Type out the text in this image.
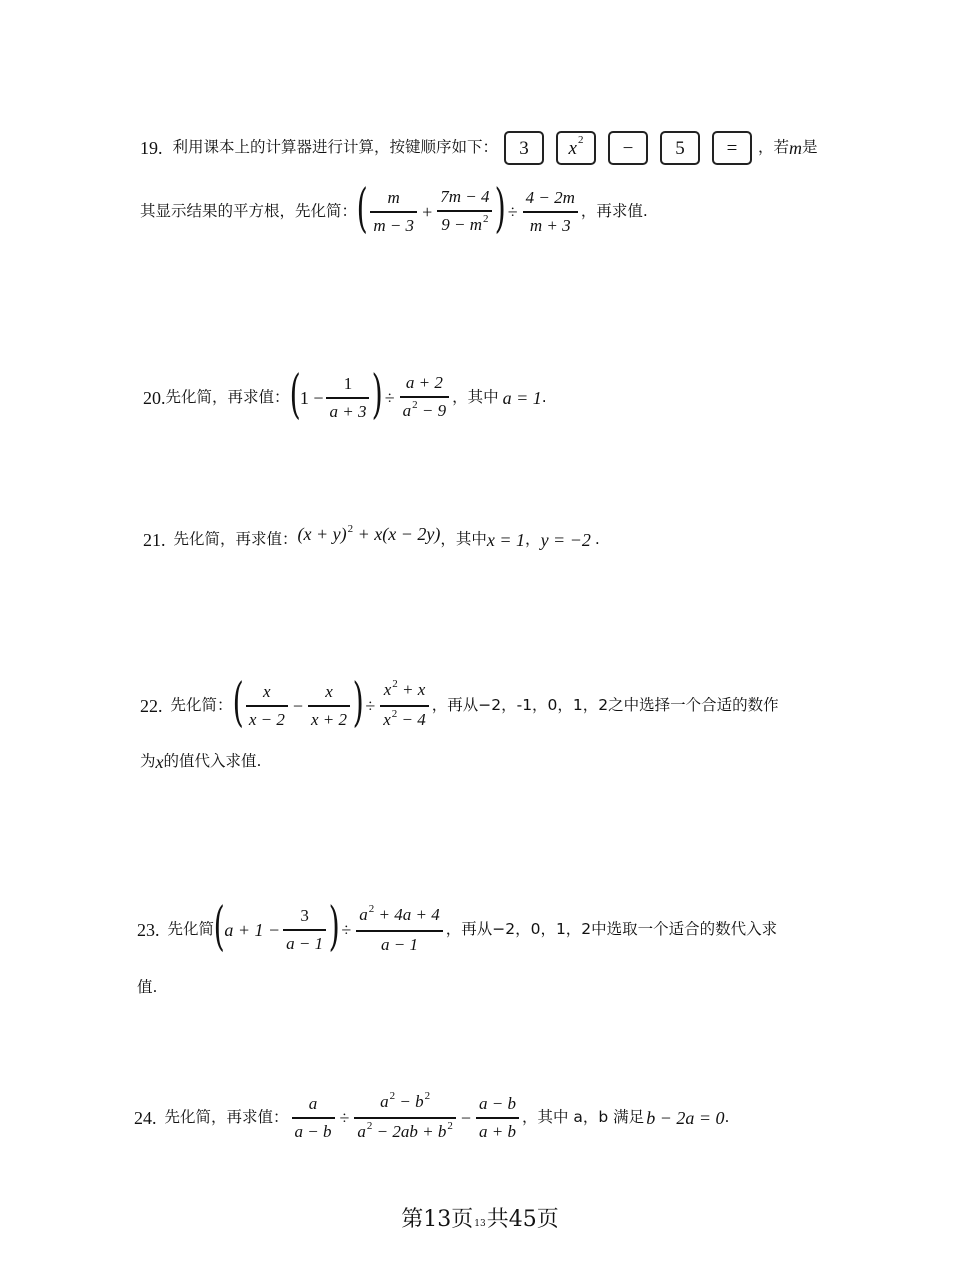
19. 利用课本上的计算器进行计算，按键顺序如下：	3	x 2	−	5	=	，若 m 是
其显示结果的平方根，先化简： ( $\frac{m}{m - 3} + \frac{7m - 4}{9 - m^2}$ ) ÷ $\frac{4 - 2m}{m + 3}$ ，再求值.
20. 先化简，再求值： ( $1 - \frac{1}{a + 3}$ ) ÷ $\frac{a + 2}{a^2 - 9}$ ，其中 a = 1 .
21. 先化简，再求值： $(x + y)^2 + x(x - 2y)$ ，其中 x = 1 ， y = −2 .
22. 先化简： ( $\frac{x}{x - 2} - \frac{x}{x + 2}$ ) ÷ $\frac{x^2 + x}{x^2 - 4}$ ，再从−2，-1，0，1，2之中选择一个合适的数作
为 x 的值代入求值.
23. 先化简 ( $a + 1 - \frac{3}{a - 1}$ ) ÷ $\frac{a^2 + 4a + 4}{a - 1}$ ，再从−2，0，1，2中选取一个适合的数代入求
值.
24. 先化简，再求值： $\frac{a}{a - b} \div \frac{a^2 - b^2}{a^2 - 2ab + b^2} - \frac{a - b}{a + b}$ ，其中 a，b 满足 b − 2a = 0 .
第13页13共45页
